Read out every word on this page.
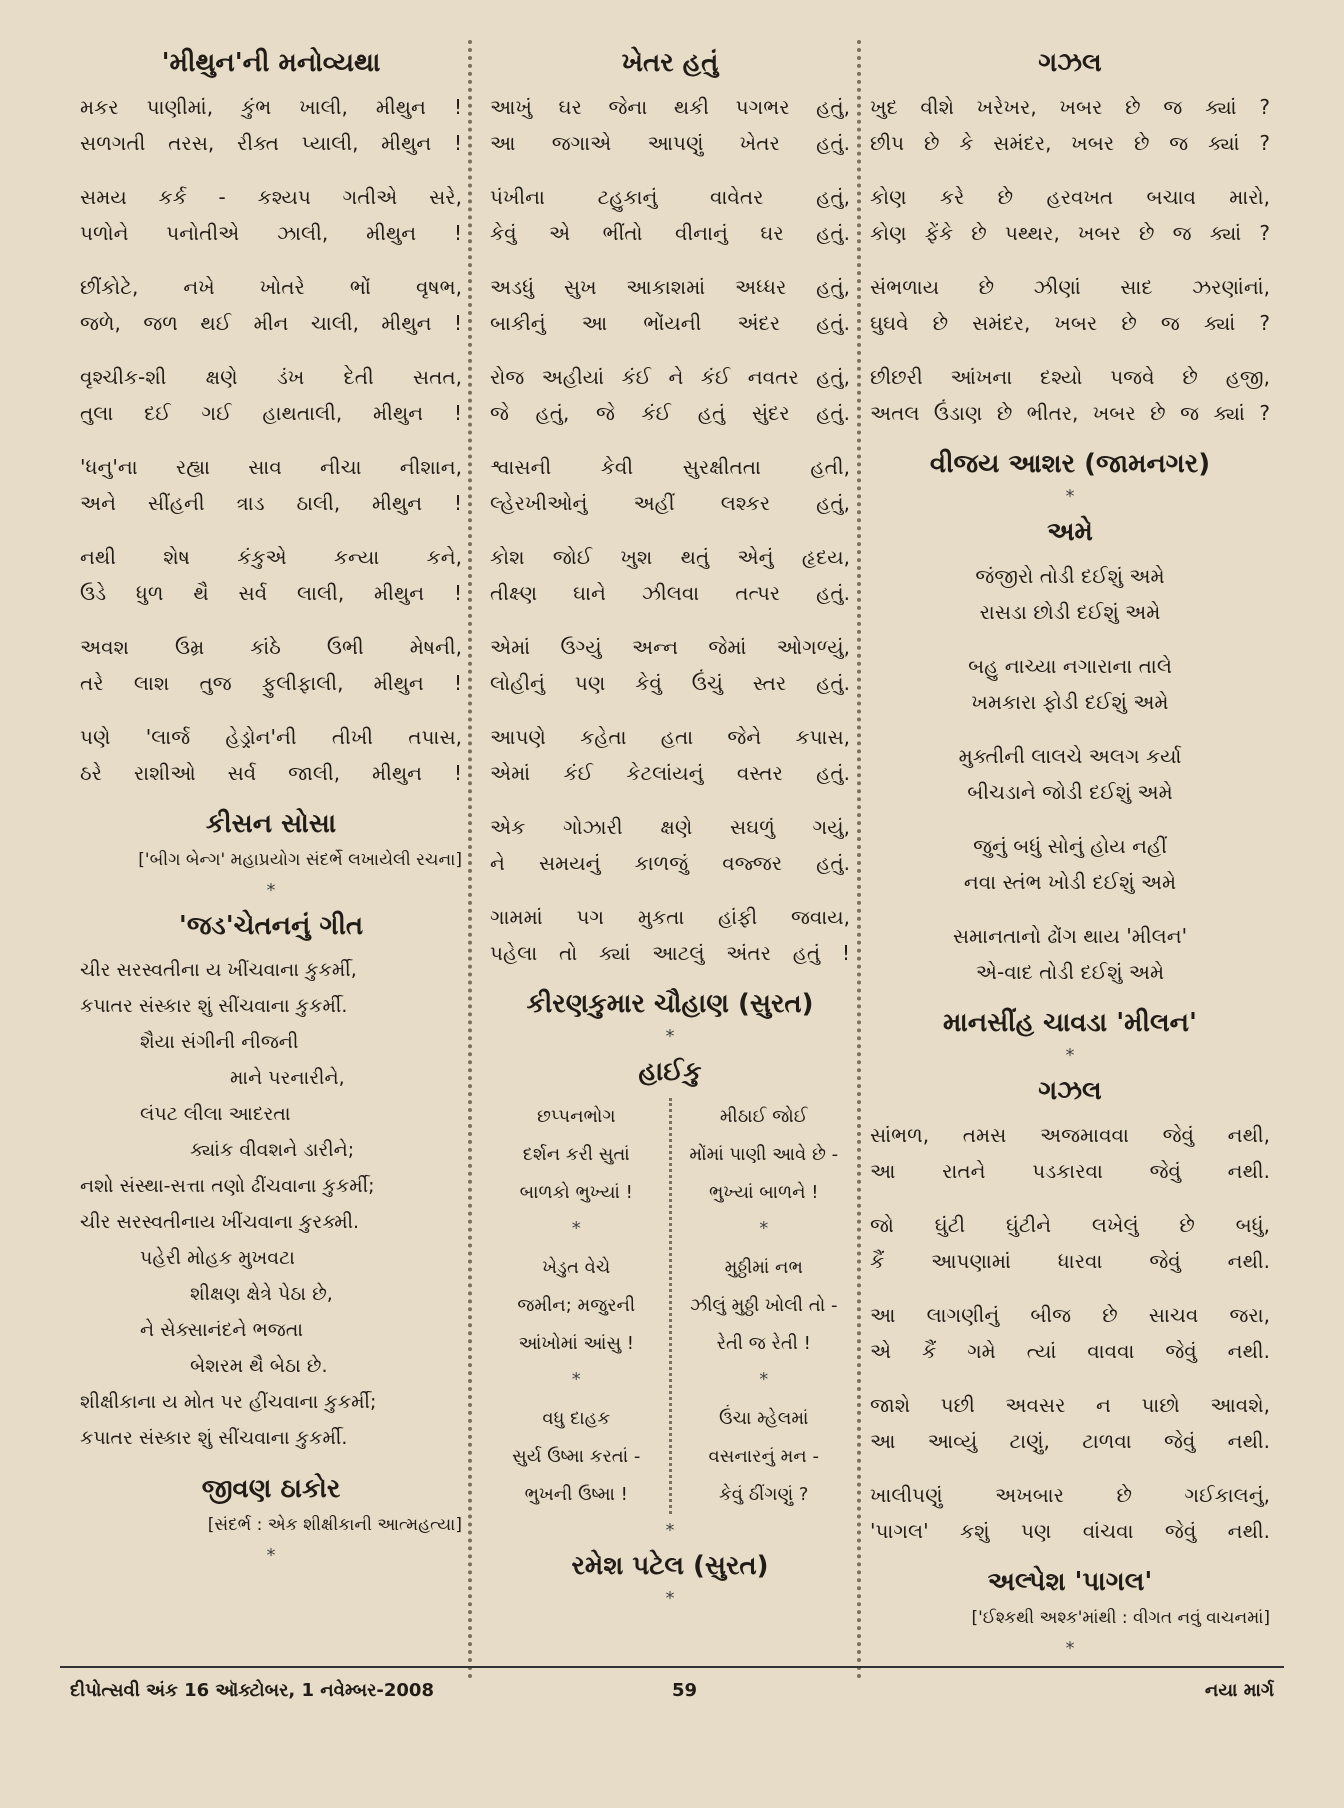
'મીથુન'ની મનોવ્યથા
મકર પાણીમાં, કુંભ ખાલી, મીથુન !
સળગતી તરસ, રીક્ત પ્યાલી, મીથુન !
સમય કર્ક - કશ્યપ ગતીએ સરે,
પળોને પનોતીએ ઝાલી, મીથુન !
છીંકોટે, નખે ખોતરે ભોં વૃષભ,
જળે, જળ થઈ મીન ચાલી, મીથુન !
વૃશ્ચીક-શી ક્ષણે ડંખ દેતી સતત,
તુલા દઈ ગઈ હાથતાલી, મીથુન !
'ધનુ'ના રહ્યા સાવ નીચા નીશાન,
અને સીંહની ત્રાડ ઠાલી, મીથુન !
નથી શેષ કંકુએ કન્યા કને,
ઉડે ધુળ થૈ સર્વ લાલી, મીથુન !
અવશ ઉમ્ર કાંઠે ઉભી મેષની,
તરે લાશ તુજ ફુલીફાલી, મીથુન !
પણે 'લાર્જ હેડ્રોન'ની તીખી તપાસ,
ઠરે રાશીઓ સર્વ જાલી, મીથુન !
કીસન સોસા
['બીગ બેન્ગ' મહાપ્રયોગ સંદર્ભે લખાયેલી રચના]
*
'જડ'ચેતનનું ગીત
ચીર સરસ્વતીના ય ખીંચવાના કુકર્મી,
કપાતર સંસ્કાર શું સીંચવાના કુકર્મી.
શૈયા સંગીની નીજની
માને પરનારીને,
લંપટ લીલા આદરતા
ક્યાંક વીવશને ડારીને;
નશો સંસ્થા-સત્તા તણો ઢીંચવાના કુકર્મી;
ચીર સરસ્વતીનાય ખીંચવાના કુરક્મી.
પહેરી મોહક મુખવટા
શીક્ષણ ક્ષેત્રે પેઠા છે,
ને સેક્સાનંદને ભજતા
બેશરમ થૈ બેઠા છે.
શીક્ષીકાના ય મોત પર હીંચવાના કુકર્મી;
કપાતર સંસ્કાર શું સીંચવાના કુકર્મી.
જીવણ ઠાકોર
[સંદર્ભ : એક શીક્ષીકાની આત્મહત્યા]
*
ખેતર હતું
આખું ઘર જેના થકી પગભર હતું,
આ જગાએ આપણું ખેતર હતું.
પંખીના ટહુકાનું વાવેતર હતું,
કેવું એ ભીંતો વીનાનું ઘર હતું.
અડધું સુખ આકાશમાં અધ્ધર હતું,
બાકીનું આ ભોંયની અંદર હતું.
રોજ અહીયાં કંઈ ને કંઈ નવતર હતું,
જે હતું, જે કંઈ હતું સુંદર હતું.
શ્વાસની કેવી સુરક્ષીતતા હતી,
લ્હેરખીઓનું અહીં લશ્કર હતું,
કોશ જોઈ ખુશ થતું એનું હૃદય,
તીક્ષ્ણ ઘાને ઝીલવા તત્પર હતું.
એમાં ઉગ્યું અન્ન જેમાં ઓગળ્યું,
લોહીનું પણ કેવું ઉંચું સ્તર હતું.
આપણે કહેતા હતા જેને કપાસ,
એમાં કંઈ કેટલાંયનું વસ્તર હતું.
એક ગોઝારી ક્ષણે સઘળું ગયું,
ને સમયનું કાળજું વજ્જર હતું.
ગામમાં પગ મુકતા હાંફી જવાય,
પહેલા તો ક્યાં આટલું અંતર હતું !
કીરણકુમાર ચૌહાણ (સુરત)
*
હાઈકુ
છપ્પનભોગ
દર્શન કરી સુતાં
બાળકો ભુખ્યાં !
*
ખેડુત વેચે
જમીન; મજુરની
આંખોમાં આંસુ !
*
વધુ દાહક
સુર્ય ઉષ્મા કરતાં -
ભુખની ઉષ્મા !
મીઠાઈ જોઈ
મોંમાં પાણી આવે છે -
ભુખ્યાં બાળને !
*
મુઠ્ઠીમાં નભ
ઝીલું મુઠ્ઠી ખોલી તો -
રેતી જ રેતી !
*
ઉંચા મ્હેલમાં
વસનારનું મન -
કેવું ઠીંગણું ?
*
રમેશ પટેલ (સુરત)
*
ગઝલ
ખુદ વીશે ખરેખર, ખબર છે જ ક્યાં ?
છીપ છે કે સમંદર, ખબર છે જ ક્યાં ?
કોણ કરે છે હરવખત બચાવ મારો,
કોણ ફેંકે છે પથ્થર, ખબર છે જ ક્યાં ?
સંભળાય છે ઝીણાં સાદ ઝરણાંનાં,
ઘુઘવે છે સમંદર, ખબર છે જ ક્યાં ?
છીછરી આંખના દશ્યો પજવે છે હજી,
અતલ ઉંડાણ છે ભીતર, ખબર છે જ ક્યાં ?
વીજય આશર (જામનગર)
*
અમે
જંજીરો તોડી દઈશું અમે
રાસડા છોડી દઈશું અમે
બહુ નાચ્યા નગારાના તાલે
ખમકારા ફોડી દઈશું અમે
મુક્તીની લાલચે અલગ કર્યા
બીચડાને જોડી દઈશું અમે
જુનું બધું સોનું હોય નહીં
નવા સ્તંભ ખોડી દઈશું અમે
સમાનતાનો ઢોંગ થાય 'મીલન'
એ-વાદ તોડી દઈશું અમે
માનસીંહ ચાવડા 'મીલન'
*
ગઝલ
સાંભળ, તમસ અજમાવવા જેવું નથી,
આ રાતને પડકારવા જેવું નથી.
જો ઘુંટી ઘુંટીને લખેલું છે બધું,
કૈં આપણામાં ધારવા જેવું નથી.
આ લાગણીનું બીજ છે સાચવ જરા,
એ કૈં ગમે ત્યાં વાવવા જેવું નથી.
જાશે પછી અવસર ન પાછો આવશે,
આ આવ્યું ટાણું, ટાળવા જેવું નથી.
ખાલીપણું અખબાર છે ગઈકાલનું,
'પાગલ' કશું પણ વાંચવા જેવું નથી.
અલ્પેશ 'પાગલ'
['ઈશ્કથી અશ્ક'માંથી : વીગત નવું વાચનમાં]
*
દીપોત્સવી અંક 16 ઑક્ટોબર, 1 નવેમ્બર-2008	59	નયા માર્ગ
